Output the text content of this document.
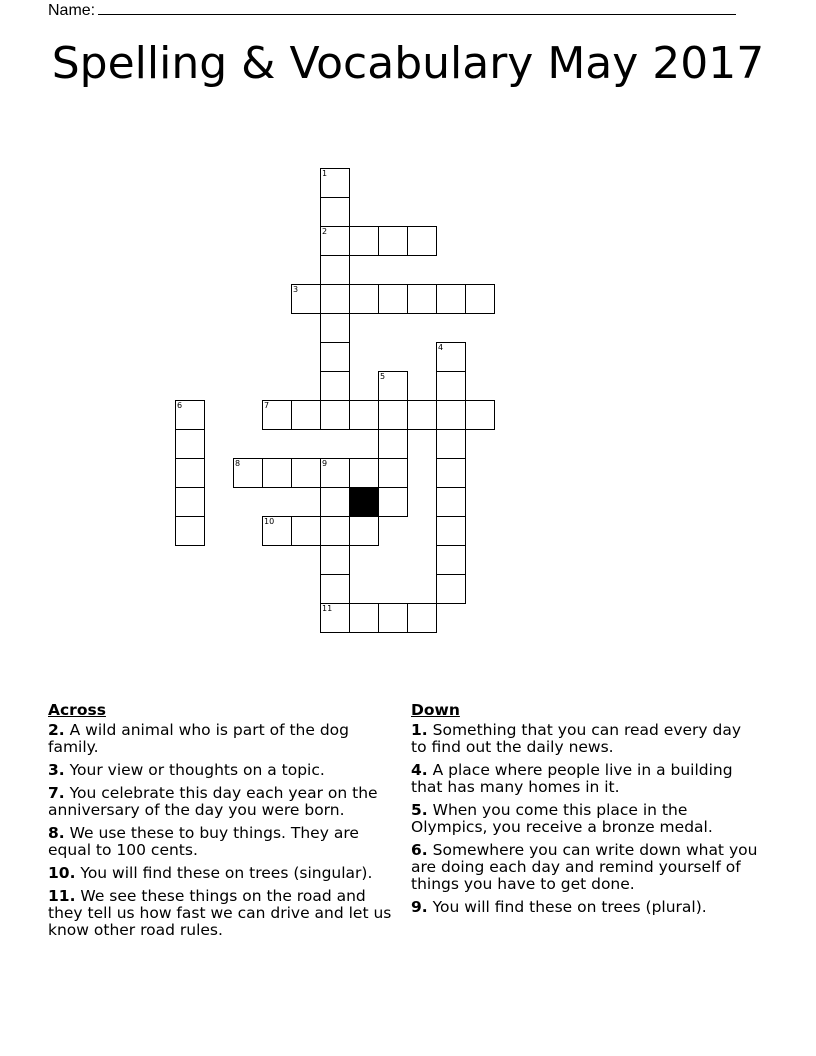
Name:
Spelling & Vocabulary May 2017
1
2
3
4
5
6	7
8	9
10
11
Across
2. A wild animal who is part of the dog family.
3. Your view or thoughts on a topic.
7. You celebrate this day each year on the anniversary of the day you were born.
8. We use these to buy things. They are equal to 100 cents.
10. You will find these on trees (singular).
11. We see these things on the road and they tell us how fast we can drive and let us know other road rules.
Down
1. Something that you can read every day to find out the daily news.
4. A place where people live in a building that has many homes in it.
5. When you come this place in the Olympics, you receive a bronze medal.
6. Somewhere you can write down what you are doing each day and remind yourself of things you have to get done.
9. You will find these on trees (plural).
